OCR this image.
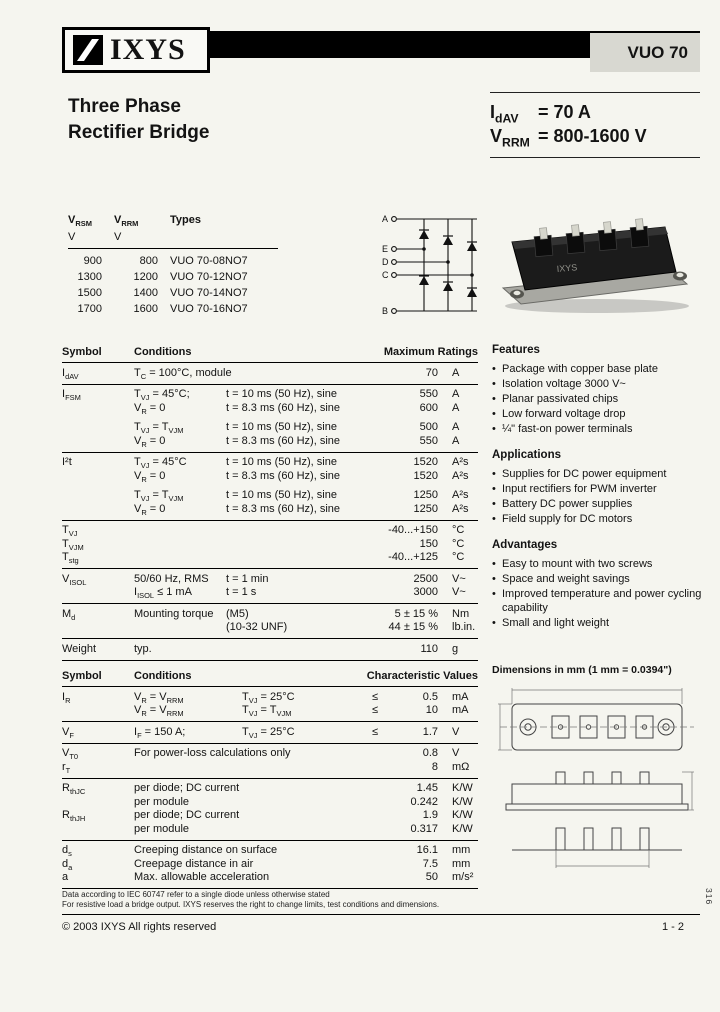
IXYS	VUO 70
Three Phase
Rectifier Bridge
$I_{dAV}$	= 70 A
$V_{RRM} = 800-1600$ V
$V_{RSM}$	$V_{RRM}$	Types
V	V
900	800	VUO 70-08NO7
1300	1200	VUO 70-12NO7
1500	1400	VUO 70-14NO7
1700	1600	VUO 70-16NO7
A
B
E
D
C
IXYS
Symbol	Conditions	Maximum Ratings
$I_{dAV}$	$T_C = 100^\circ C$, module	70	A
$I_{FSM}$	$T_{VJ} = 45^\circ C$;	t = 10 ms (50 Hz), sine	550	A
$V_R = 0$	t = 8.3 ms (60 Hz), sine	600	A
$T_{VJ} = T_{VJM}$	t = 10 ms (50 Hz), sine	500	A
$V_R = 0$	t = 8.3 ms (60 Hz), sine	550	A
I²t	$T_{VJ} = 45^\circ C$	t = 10 ms (50 Hz), sine	1520	A²s
$V_R = 0$	t = 8.3 ms (60 Hz), sine	1520	A²s
$T_{VJ} = T_{VJM}$	t = 10 ms (50 Hz), sine	1250	A²s
$V_R = 0$	t = 8.3 ms (60 Hz), sine	1250	A²s
$T_{VJ}$	-40...+150	°C
$T_{VJM}$	150	°C
$T_{stg}$	-40...+125	°C
$V_{ISOL}$	50/60 Hz, RMS	t = 1 min	2500	V~
$I_{ISOL} \le 1$ mA	t = 1 s	3000	V~
$M_d$	Mounting torque	(M5)	5 ± 15 %	Nm
(10-32 UNF)	44 ± 15 %	lb.in.
Weight	typ.	110	g
Features
• Package with copper base plate
• Isolation voltage 3000 V~
• Planar passivated chips
• Low forward voltage drop
• ¼" fast-on power terminals
Applications
• Supplies for DC power equipment
• Input rectifiers for PWM inverter
• Battery DC power supplies
• Field supply for DC motors
Advantages
• Easy to mount with two screws
• Space and weight savings
• Improved temperature and power cycling capability
• Small and light weight
Symbol	Conditions	Characteristic Values
$I_R$	$V_R = V_{RRM}$	$T_{VJ} = 25^\circ C$	≤	0.5	mA
$V_R = V_{RRM}$	$T_{VJ} = T_{VJM}$	≤	10	mA
$V_F$	$I_F = 150$ A;	$T_{VJ} = 25^\circ C$	≤	1.7	V
$V_{T0}$	For power-loss calculations only	0.8	V
$r_T$	8	mΩ
$R_{thJC}$	per diode; DC current	1.45	K/W
per module	0.242	K/W
$R_{thJH}$	per diode; DC current	1.9	K/W
per module	0.317	K/W
$d_s$	Creeping distance on surface	16.1	mm
$d_a$	Creepage distance in air	7.5	mm
a	Max. allowable acceleration	50	m/s²
Dimensions in mm (1 mm = 0.0394")
Data according to IEC 60747 refer to a single diode unless otherwise stated
For resistive load a bridge output. IXYS reserves the right to change limits, test conditions and dimensions.
© 2003 IXYS All rights reserved	1 - 2
316
